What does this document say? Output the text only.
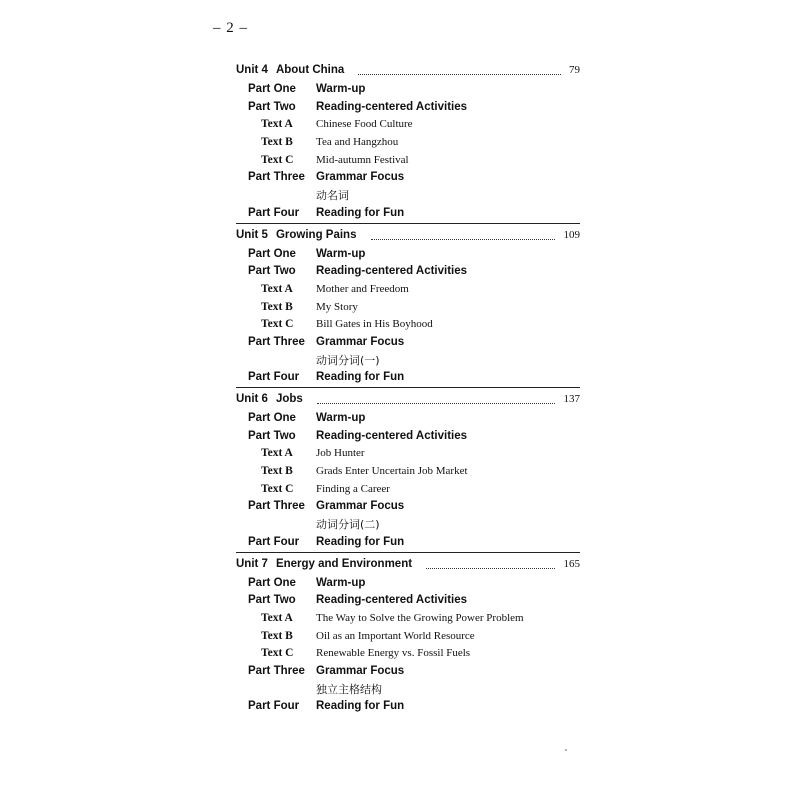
– 2 –
Unit 4 About China	79
Part One Warm-up
Part Two Reading-centered Activities
Text A Chinese Food Culture
Text B Tea and Hangzhou
Text C Mid-autumn Festival
Part Three Grammar Focus
动名词
Part Four Reading for Fun
Unit 5 Growing Pains	109
Part One Warm-up
Part Two Reading-centered Activities
Text A Mother and Freedom
Text B My Story
Text C Bill Gates in His Boyhood
Part Three Grammar Focus
动词分词(一)
Part Four Reading for Fun
Unit 6 Jobs	137
Part One Warm-up
Part Two Reading-centered Activities
Text A Job Hunter
Text B Grads Enter Uncertain Job Market
Text C Finding a Career
Part Three Grammar Focus
动词分词(二)
Part Four Reading for Fun
Unit 7 Energy and Environment	165
Part One Warm-up
Part Two Reading-centered Activities
Text A The Way to Solve the Growing Power Problem
Text B Oil as an Important World Resource
Text C Renewable Energy vs. Fossil Fuels
Part Three Grammar Focus
独立主格结构
Part Four Reading for Fun
